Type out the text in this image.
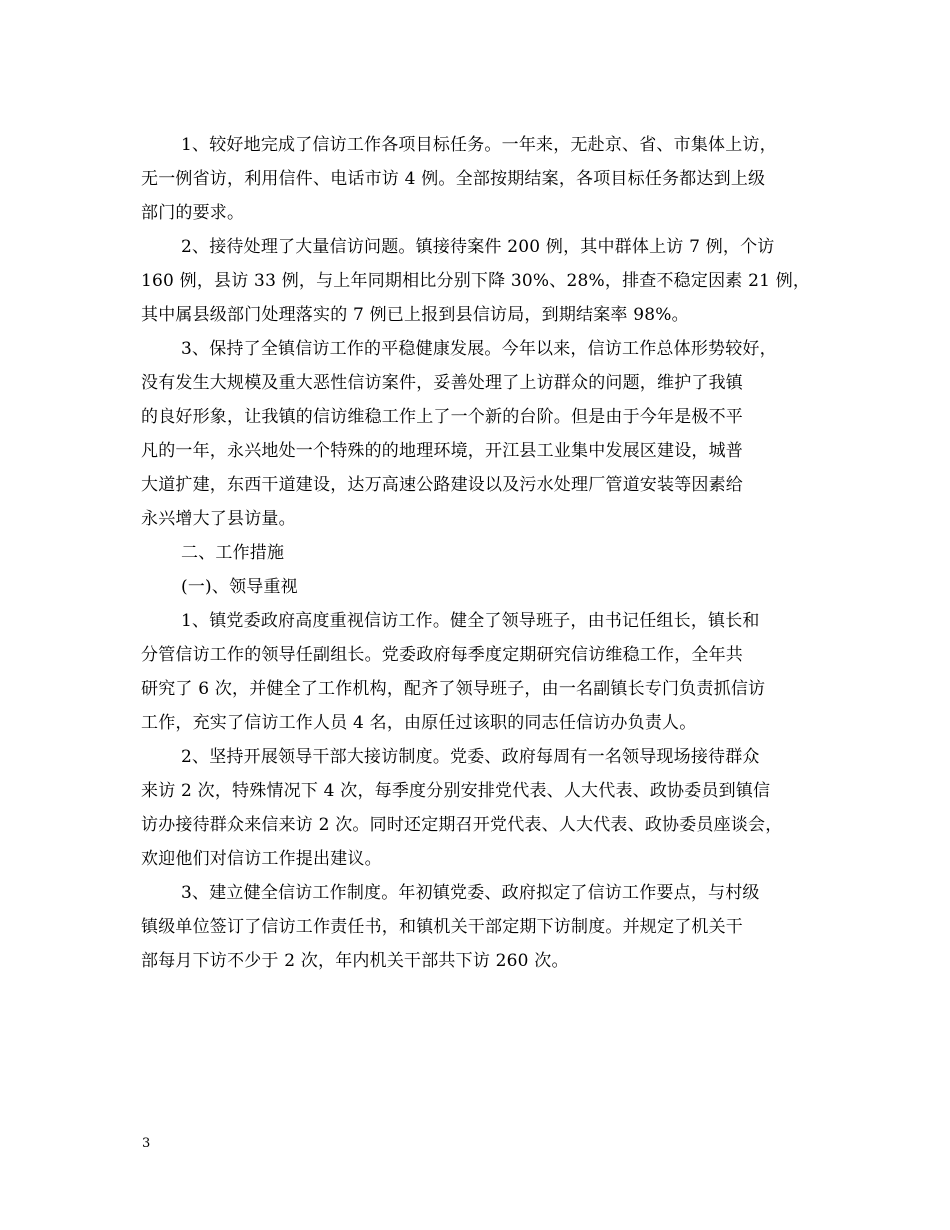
1、较好地完成了信访工作各项目标任务。一年来，无赴京、省、市集体上访，
无一例省访，利用信件、电话市访 4 例。全部按期结案，各项目标任务都达到上级
部门的要求。

2、接待处理了大量信访问题。镇接待案件 200 例，其中群体上访 7 例，个访
160 例，县访 33 例，与上年同期相比分别下降 30%、28%，排查不稳定因素 21 例，
其中属县级部门处理落实的 7 例已上报到县信访局，到期结案率 98%。

3、保持了全镇信访工作的平稳健康发展。今年以来，信访工作总体形势较好，
没有发生大规模及重大恶性信访案件，妥善处理了上访群众的问题，维护了我镇
的良好形象，让我镇的信访维稳工作上了一个新的台阶。但是由于今年是极不平
凡的一年，永兴地处一个特殊的的地理环境，开江县工业集中发展区建设，城普
大道扩建，东西干道建设，达万高速公路建设以及污水处理厂管道安装等因素给
永兴增大了县访量。

二、工作措施

(一)、领导重视

1、镇党委政府高度重视信访工作。健全了领导班子，由书记任组长，镇长和
分管信访工作的领导任副组长。党委政府每季度定期研究信访维稳工作，全年共
研究了 6 次，并健全了工作机构，配齐了领导班子，由一名副镇长专门负责抓信访
工作，充实了信访工作人员 4 名，由原任过该职的同志任信访办负责人。

2、坚持开展领导干部大接访制度。党委、政府每周有一名领导现场接待群众
来访 2 次，特殊情况下 4 次，每季度分别安排党代表、人大代表、政协委员到镇信
访办接待群众来信来访 2 次。同时还定期召开党代表、人大代表、政协委员座谈会，
欢迎他们对信访工作提出建议。

3、建立健全信访工作制度。年初镇党委、政府拟定了信访工作要点，与村级
镇级单位签订了信访工作责任书，和镇机关干部定期下访制度。并规定了机关干
部每月下访不少于 2 次，年内机关干部共下访 260 次。

3
